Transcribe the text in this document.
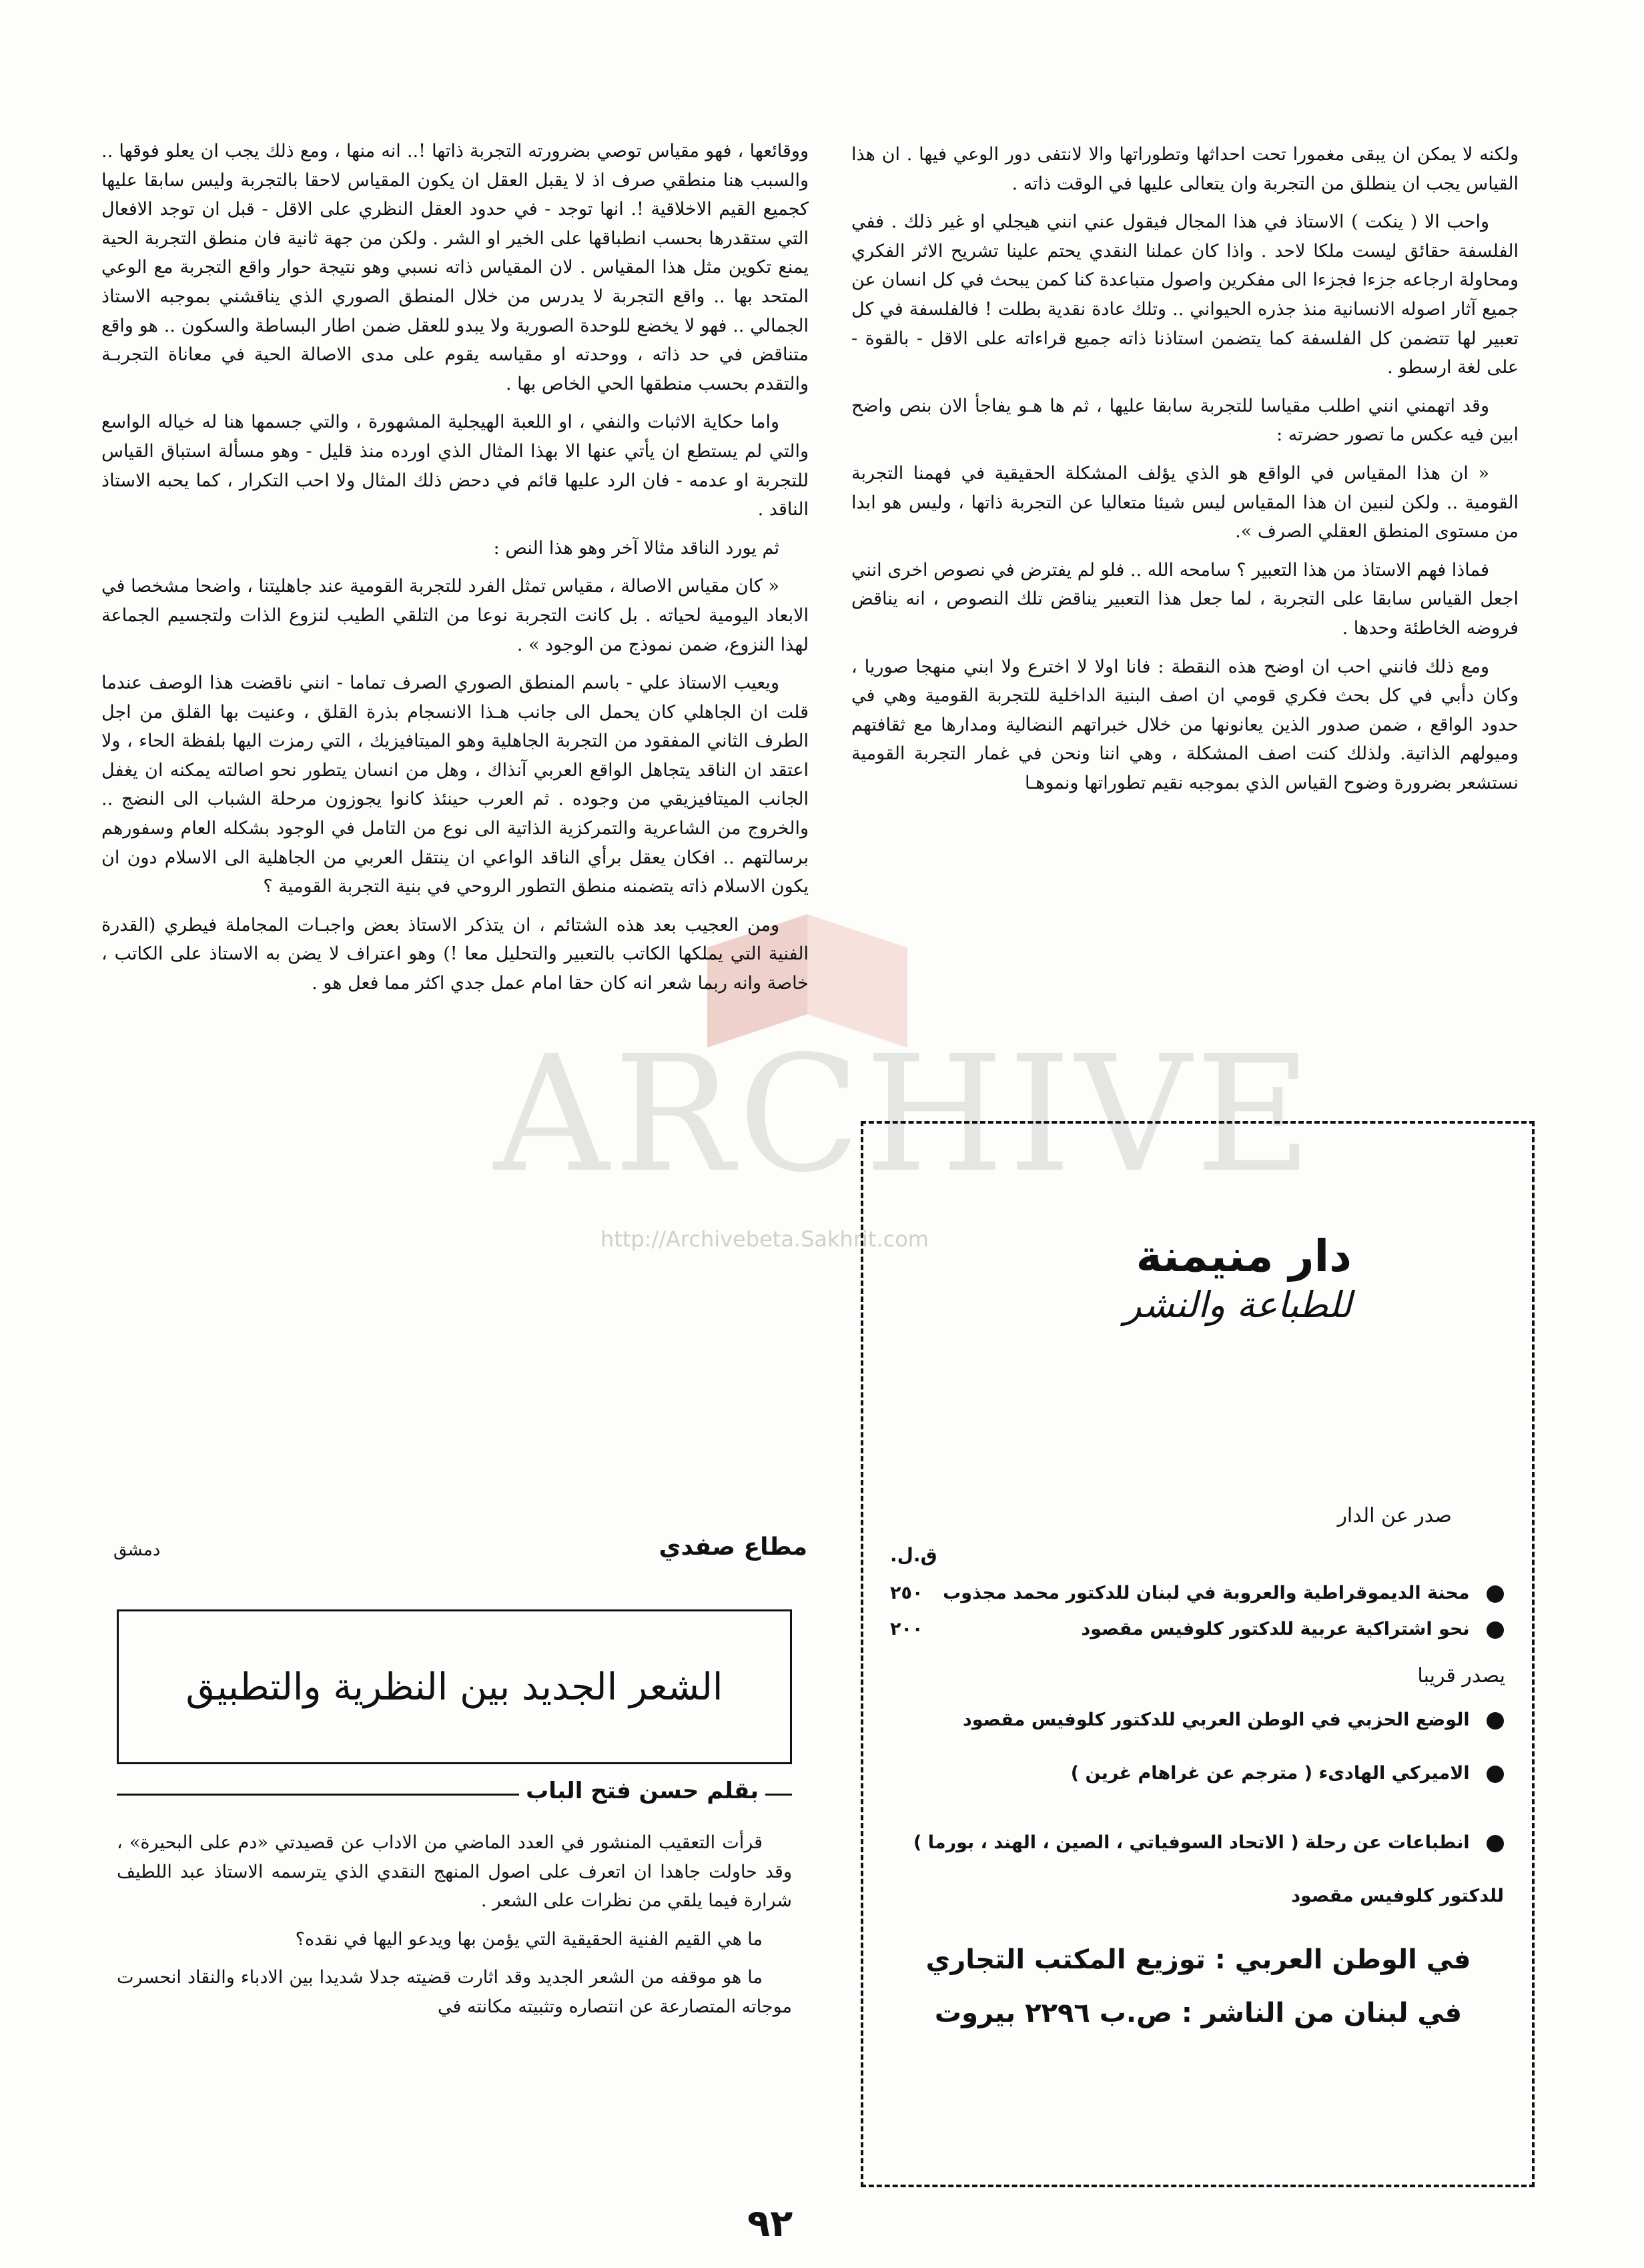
ARCHIVE
http://Archivebeta.Sakhrit.com

ولكنه لا يمكن ان يبقى مغمورا تحت احداثها وتطوراتها والا لانتفى دور الوعي فيها . ان هذا القياس يجب ان ينطلق من التجربة وان يتعالى عليها في الوقت ذاته .

واحب الا ( ينكت ) الاستاذ في هذا المجال فيقول عني انني هيجلي او غير ذلك . ففي الفلسفة حقائق ليست ملكا لاحد . واذا كان عملنا النقدي يحتم علينا تشريح الاثر الفكري ومحاولة ارجاعه جزءا فجزءا الى مفكرين واصول متباعدة كنا كمن يبحث في كل انسان عن جميع آثار اصوله الانسانية منذ جذره الحيواني .. وتلك عادة نقدية بطلت ! فالفلسفة في كل تعبير لها تتضمن كل الفلسفة كما يتضمن استاذنا ذاته جميع قراءاته على الاقل - بالقوة - على لغة ارسطو .

وقد اتهمني انني اطلب مقياسا للتجربة سابقا عليها ، ثم ها هـو يفاجأ الان بنص واضح ابين فيه عكس ما تصور حضرته :

« ان هذا المقياس في الواقع هو الذي يؤلف المشكلة الحقيقية في فهمنا التجربة القومية .. ولكن لنبين ان هذا المقياس ليس شيئا متعاليا عن التجربة ذاتها ، وليس هو ابدا من مستوى المنطق العقلي الصرف ».

فماذا فهم الاستاذ من هذا التعبير ؟ سامحه الله .. فلو لم يفترض في نصوص اخرى انني اجعل القياس سابقا على التجربة ، لما جعل هذا التعبير يناقض تلك النصوص ، انه يناقض فروضه الخاطئة وحدها .

ومع ذلك فانني احب ان اوضح هذه النقطة : فانا اولا لا اخترع ولا ابني منهجا صوريا ، وكان دأبي في كل بحث فكري قومي ان اصف البنية الداخلية للتجربة القومية وهي في حدود الواقع ، ضمن صدور الذين يعانونها من خلال خبراتهم النضالية ومدارها مع ثقافتهم وميولهم الذاتية. ولذلك كنت اصف المشكلة ، وهي اننا ونحن في غمار التجربة القومية نستشعر بضرورة وضوح القياس الذي بموجبه نقيم تطوراتها ونموهـا

ووقائعها ، فهو مقياس توصي بضرورته التجربة ذاتها !.. انه منها ، ومع ذلك يجب ان يعلو فوقها .. والسبب هنا منطقي صرف اذ لا يقبل العقل ان يكون المقياس لاحقا بالتجربة وليس سابقا عليها كجميع القيم الاخلاقية !. انها توجد - في حدود العقل النظري على الاقل - قبل ان توجد الافعال التي ستقدرها بحسب انطباقها على الخير او الشر . ولكن من جهة ثانية فان منطق التجربة الحية يمنع تكوين مثل هذا المقياس . لان المقياس ذاته نسبي وهو نتيجة حوار واقع التجربة مع الوعي المتحد بها .. واقع التجربة لا يدرس من خلال المنطق الصوري الذي يناقشني بموجبه الاستاذ الجمالي .. فهو لا يخضع للوحدة الصورية ولا يبدو للعقل ضمن اطار البساطة والسكون .. هو واقع متناقض في حد ذاته ، ووحدته او مقياسه يقوم على مدى الاصالة الحية في معاناة التجربـة والتقدم بحسب منطقها الحي الخاص بها .

واما حكاية الاثبات والنفي ، او اللعبة الهيجلية المشهورة ، والتي جسمها هنا له خياله الواسع والتي لم يستطع ان يأتي عنها الا بهذا المثال الذي اورده منذ قليل - وهو مسألة استباق القياس للتجربة او عدمه - فان الرد عليها قائم في دحض ذلك المثال ولا احب التكرار ، كما يحبه الاستاذ الناقد .

ثم يورد الناقد مثالا آخر وهو هذا النص :

« كان مقياس الاصالة ، مقياس تمثل الفرد للتجربة القومية عند جاهليتنا ، واضحا مشخصا في الابعاد اليومية لحياته . بل كانت التجربة نوعا من التلقي الطيب لنزوع الذات ولتجسيم الجماعة لهذا النزوع، ضمن نموذج من الوجود » .

ويعيب الاستاذ علي - باسم المنطق الصوري الصرف تماما - انني ناقضت هذا الوصف عندما قلت ان الجاهلي كان يحمل الى جانب هـذا الانسجام بذرة القلق ، وعنيت بها القلق من اجل الطرف الثاني المفقود من التجربة الجاهلية وهو الميتافيزيك ، التي رمزت اليها بلفظة الحاء ، ولا اعتقد ان الناقد يتجاهل الواقع العربي آنذاك ، وهل من انسان يتطور نحو اصالته يمكنه ان يغفل الجانب الميتافيزيقي من وجوده . ثم العرب حينئذ كانوا يجوزون مرحلة الشباب الى النضج .. والخروج من الشاعرية والتمركزية الذاتية الى نوع من التامل في الوجود بشكله العام وسفورهم برسالتهم .. افكان يعقل برأي الناقد الواعي ان ينتقل العربي من الجاهلية الى الاسلام دون ان يكون الاسلام ذاته يتضمنه منطق التطور الروحي في بنية التجربة القومية ؟

ومن العجيب بعد هذه الشتائم ، ان يتذكر الاستاذ بعض واجبـات المجاملة فيطري (القدرة الفنية التي يملكها الكاتب بالتعبير والتحليل معا !) وهو اعتراف لا يضن به الاستاذ على الكاتب ، خاصة وانه ربما شعر انه كان حقا امام عمل جدي اكثر مما فعل هو .

مطاع صفدي
دمشق
الشعر الجديد بين النظرية والتطبيق
بقلم حسن فتح الباب

قرأت التعقيب المنشور في العدد الماضي من الاداب عن قصيدتي «دم على البحيرة» ، وقد حاولت جاهدا ان اتعرف على اصول المنهج النقدي الذي يترسمه الاستاذ عبد اللطيف شرارة فيما يلقي من نظرات على الشعر .

ما هي القيم الفنية الحقيقية التي يؤمن بها ويدعو اليها في نقده؟

ما هو موقفه من الشعر الجديد وقد اثارت قضيته جدلا شديدا بين الادباء والنقاد انحسرت موجاته المتصارعة عن انتصاره وتثبيته مكانته في

دار منيمنة
للطباعة والنشر
صدر عن الدار
ق.ل.
محنة الديموقراطية والعروبة في لبنان للدكتور محمد مجذوب
٢٥٠
نحو اشتراكية عربية للدكتور كلوفيس مقصود
٢٠٠
يصدر قريبا
الوضع الحزبي في الوطن العربي للدكتور كلوفيس مقصود
الاميركي الهادىء ( مترجم عن غراهام غرين )
انطباعات عن رحلة ( الاتحاد السوفياتي ، الصين ، الهند ، بورما ) للدكتور كلوفيس مقصود
في الوطن العربي : توزيع المكتب التجاري
في لبنان من الناشر : ص.ب ٢٢٩٦ بيروت
٩٢
